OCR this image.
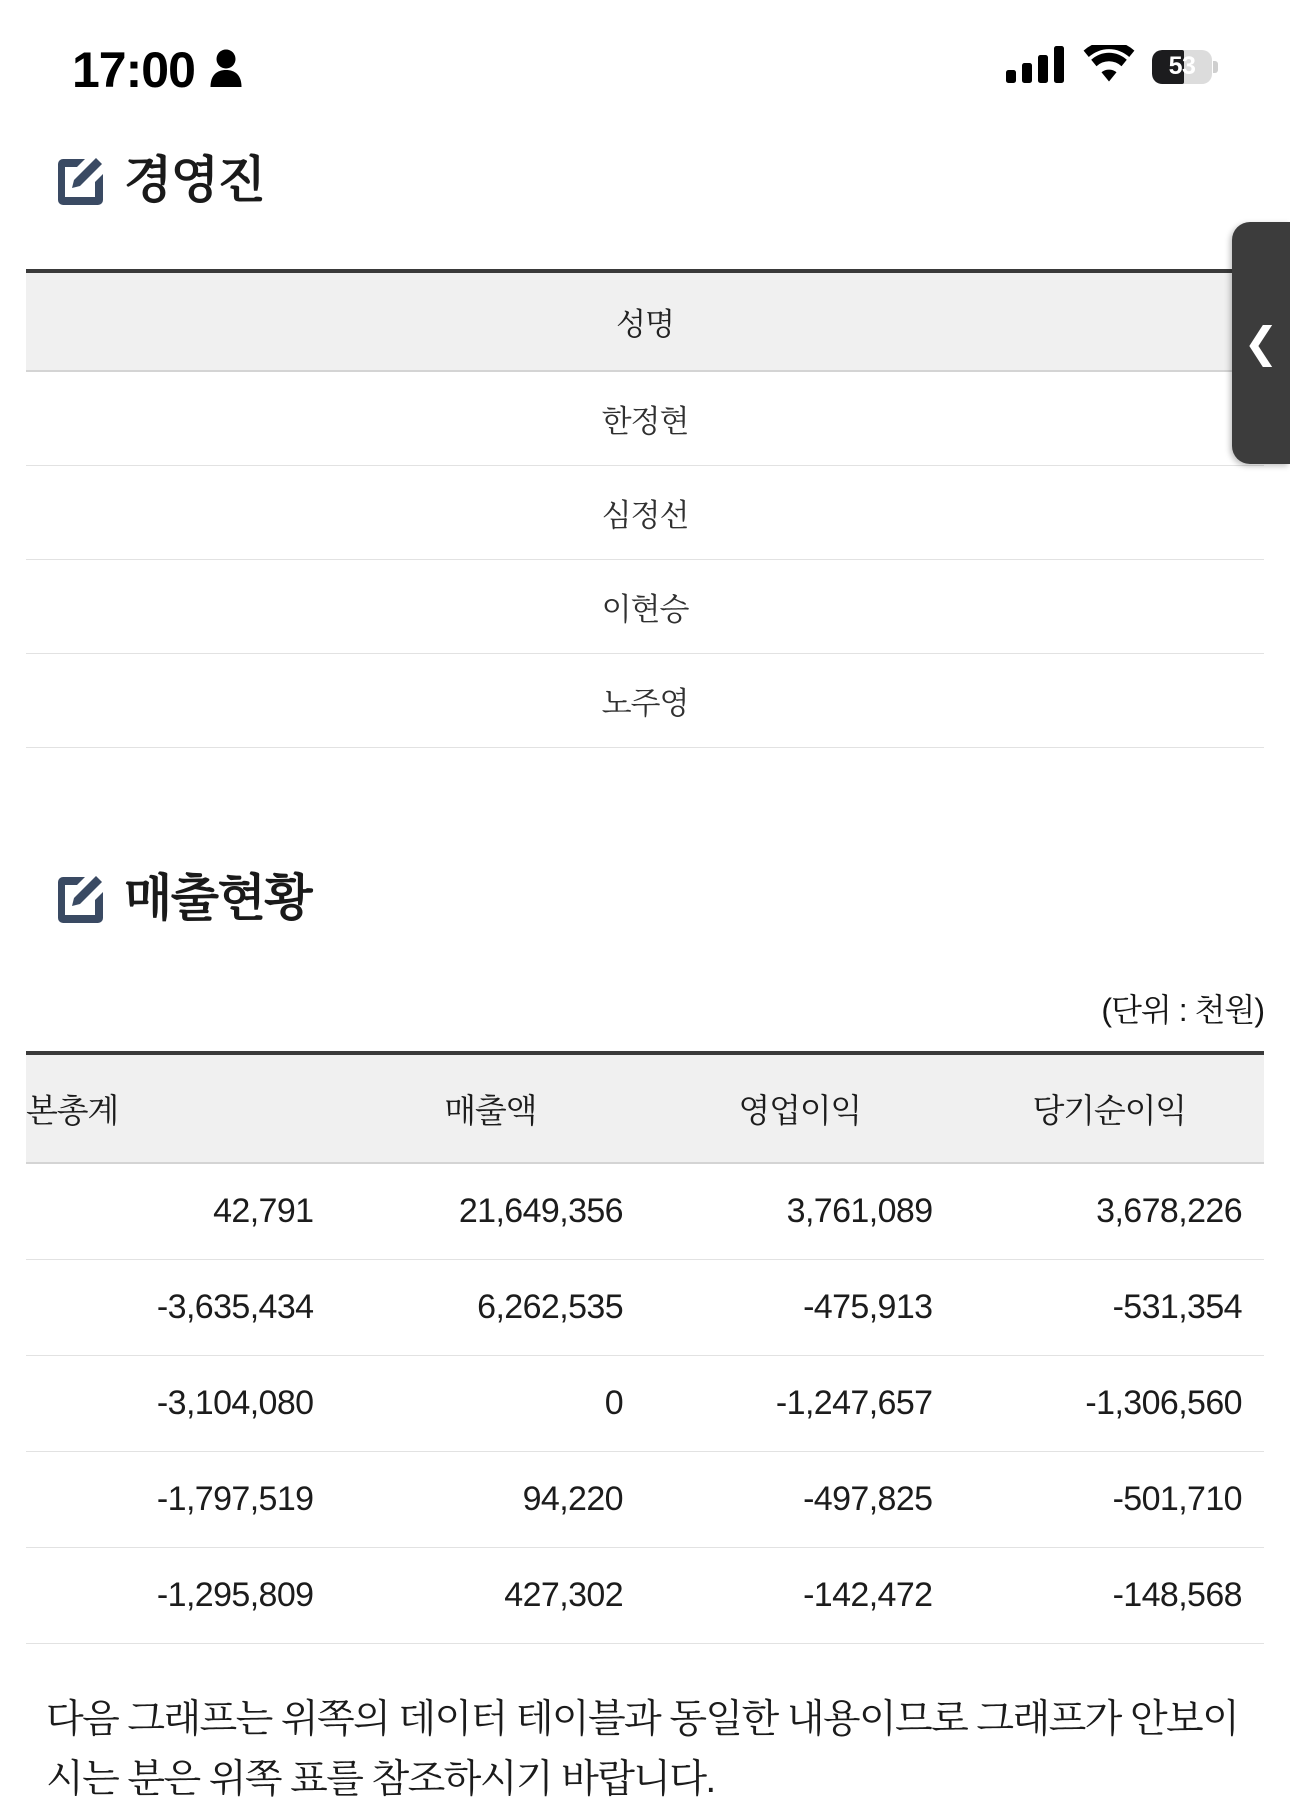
17:00	53
경영진
성명
한정현
심정선
이현승
노주영
매출현황
(단위 : 천원)
본총계	매출액	영업이익	당기순이익
42,791	21,649,356	3,761,089	3,678,226
-3,635,434	6,262,535	-475,913	-531,354
-3,104,080	0	-1,247,657	-1,306,560
-1,797,519	94,220	-497,825	-501,710
-1,295,809	427,302	-142,472	-148,568
다음 그래프는 위쪽의 데이터 테이블과 동일한 내용이므로 그래프가 안보이시는 분은 위쪽 표를 참조하시기 바랍니다.
❮
